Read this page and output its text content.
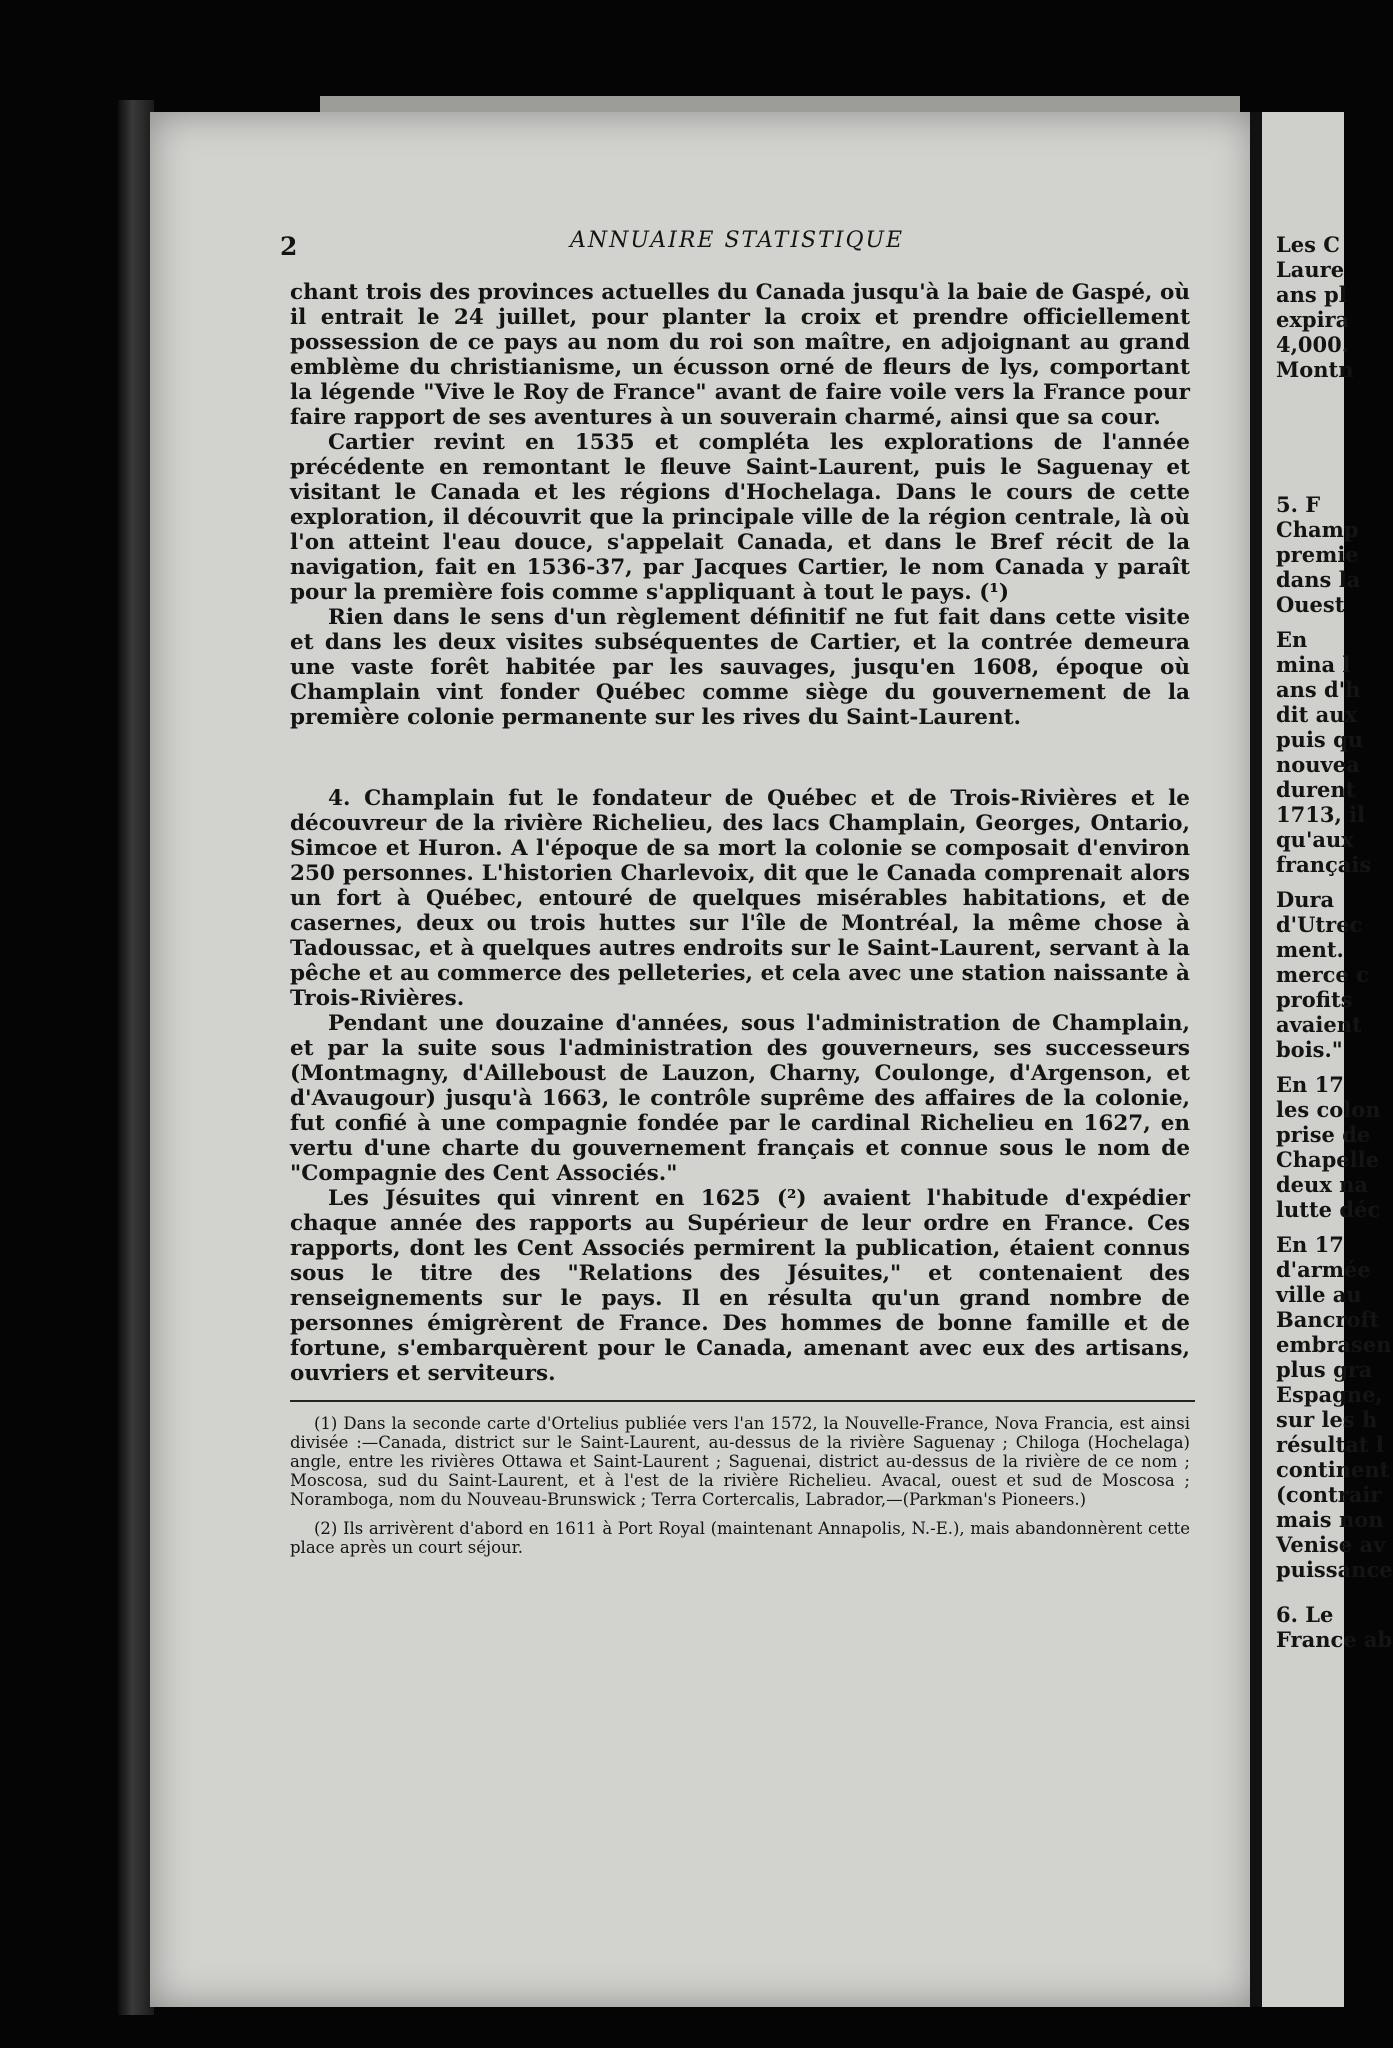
2	ANNUAIRE STATISTIQUE

chant trois des provinces actuelles du Canada jusqu'à la baie de Gaspé, où il entrait le 24 juillet, pour planter la croix et prendre officiellement possession de ce pays au nom du roi son maître, en adjoignant au grand emblème du christianisme, un écusson orné de fleurs de lys, comportant la légende "Vive le Roy de France" avant de faire voile vers la France pour faire rapport de ses aventures à un souverain charmé, ainsi que sa cour.

Cartier revint en 1535 et compléta les explorations de l'année précédente en remontant le fleuve Saint-Laurent, puis le Saguenay et visitant le Canada et les régions d'Hochelaga. Dans le cours de cette exploration, il découvrit que la principale ville de la région centrale, là où l'on atteint l'eau douce, s'appelait Canada, et dans le Bref récit de la navigation, fait en 1536-37, par Jacques Cartier, le nom Canada y paraît pour la première fois comme s'appliquant à tout le pays. (¹)

Rien dans le sens d'un règlement définitif ne fut fait dans cette visite et dans les deux visites subséquentes de Cartier, et la contrée demeura une vaste forêt habitée par les sauvages, jusqu'en 1608, époque où Champlain vint fonder Québec comme siège du gouvernement de la première colonie permanente sur les rives du Saint-Laurent.

4. Champlain fut le fondateur de Québec et de Trois-Rivières et le découvreur de la rivière Richelieu, des lacs Champlain, Georges, Ontario, Simcoe et Huron. A l'époque de sa mort la colonie se composait d'environ 250 personnes. L'historien Charlevoix, dit que le Canada comprenait alors un fort à Québec, entouré de quelques misérables habitations, et de casernes, deux ou trois huttes sur l'île de Montréal, la même chose à Tadoussac, et à quelques autres endroits sur le Saint-Laurent, servant à la pêche et au commerce des pelleteries, et cela avec une station naissante à Trois-Rivières.

Pendant une douzaine d'années, sous l'administration de Champlain, et par la suite sous l'administration des gouverneurs, ses successeurs (Montmagny, d'Ailleboust de Lauzon, Charny, Coulonge, d'Argenson, et d'Avaugour) jusqu'à 1663, le contrôle suprême des affaires de la colonie, fut confié à une compagnie fondée par le cardinal Richelieu en 1627, en vertu d'une charte du gouvernement français et connue sous le nom de "Compagnie des Cent Associés."

Les Jésuites qui vinrent en 1625 (²) avaient l'habitude d'expédier chaque année des rapports au Supérieur de leur ordre en France. Ces rapports, dont les Cent Associés permirent la publication, étaient connus sous le titre des "Relations des Jésuites," et contenaient des renseignements sur le pays. Il en résulta qu'un grand nombre de personnes émigrèrent de France. Des hommes de bonne famille et de fortune, s'embarquèrent pour le Canada, amenant avec eux des artisans, ouvriers et serviteurs.

(1) Dans la seconde carte d'Ortelius publiée vers l'an 1572, la Nouvelle-France, Nova Francia, est ainsi divisée :—Canada, district sur le Saint-Laurent, au-dessus de la rivière Saguenay ; Chiloga (Hochelaga) angle, entre les rivières Ottawa et Saint-Laurent ; Saguenai, district au-dessus de la rivière de ce nom ; Moscosa, sud du Saint-Laurent, et à l'est de la rivière Richelieu. Avacal, ouest et sud de Moscosa ; Noramboga, nom du Nouveau-Brunswick ; Terra Cortercalis, Labrador,—(Parkman's Pioneers.)

(2) Ils arrivèrent d'abord en 1611 à Port Royal (maintenant Annapolis, N.-E.), mais abandonnèrent cette place après un court séjour.

Les C
Laure
ans pl
expira
4,000.
Montn
5. F
Champ
premie
dans la
Ouest
En
mina l
ans d'h
dit aux
puis qu
nouvea
durent
1713, il
qu'aux
français
Dura
d'Utrec
ment.
merce c
profits
avaient
bois."
En 17
les colon
prise de
Chapelle
deux na
lutte déc
En 17
d'armée
ville au
Bancroft
embrasen
plus gra
Espagne,
sur les h
résultat l
continent
(contrair
mais non
Venise av
puissance
6. Le
France ab
